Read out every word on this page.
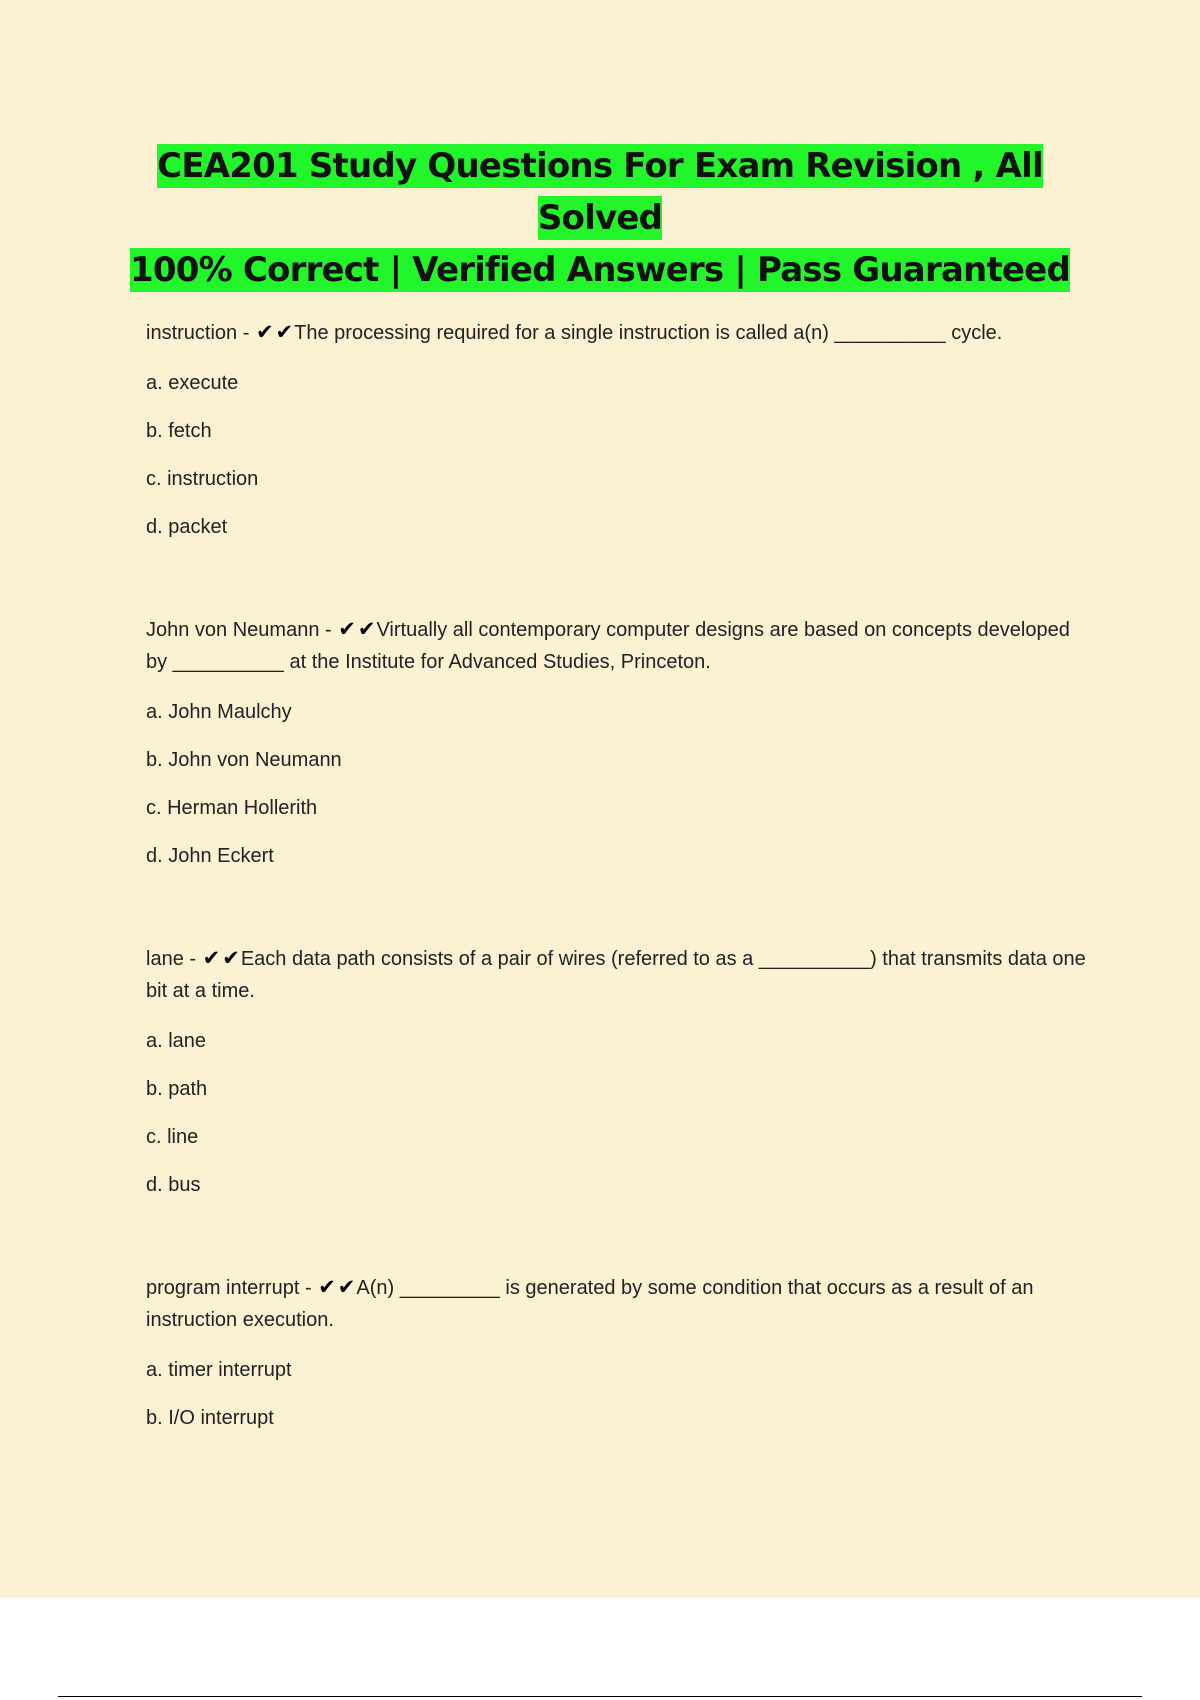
CEA201 Study Questions For Exam Revision , All Solved
100% Correct | Verified Answers | Pass Guaranteed

instruction - ✔✔The processing required for a single instruction is called a(n) __________ cycle.

a. execute

b. fetch

c. instruction

d. packet

John von Neumann - ✔✔Virtually all contemporary computer designs are based on concepts developed by __________ at the Institute for Advanced Studies, Princeton.

a. John Maulchy

b. John von Neumann

c. Herman Hollerith

d. John Eckert

lane - ✔✔Each data path consists of a pair of wires (referred to as a __________) that transmits data one bit at a time.

a. lane

b. path

c. line

d. bus

program interrupt - ✔✔A(n) _________ is generated by some condition that occurs as a result of an instruction execution.

a. timer interrupt

b. I/O interrupt
